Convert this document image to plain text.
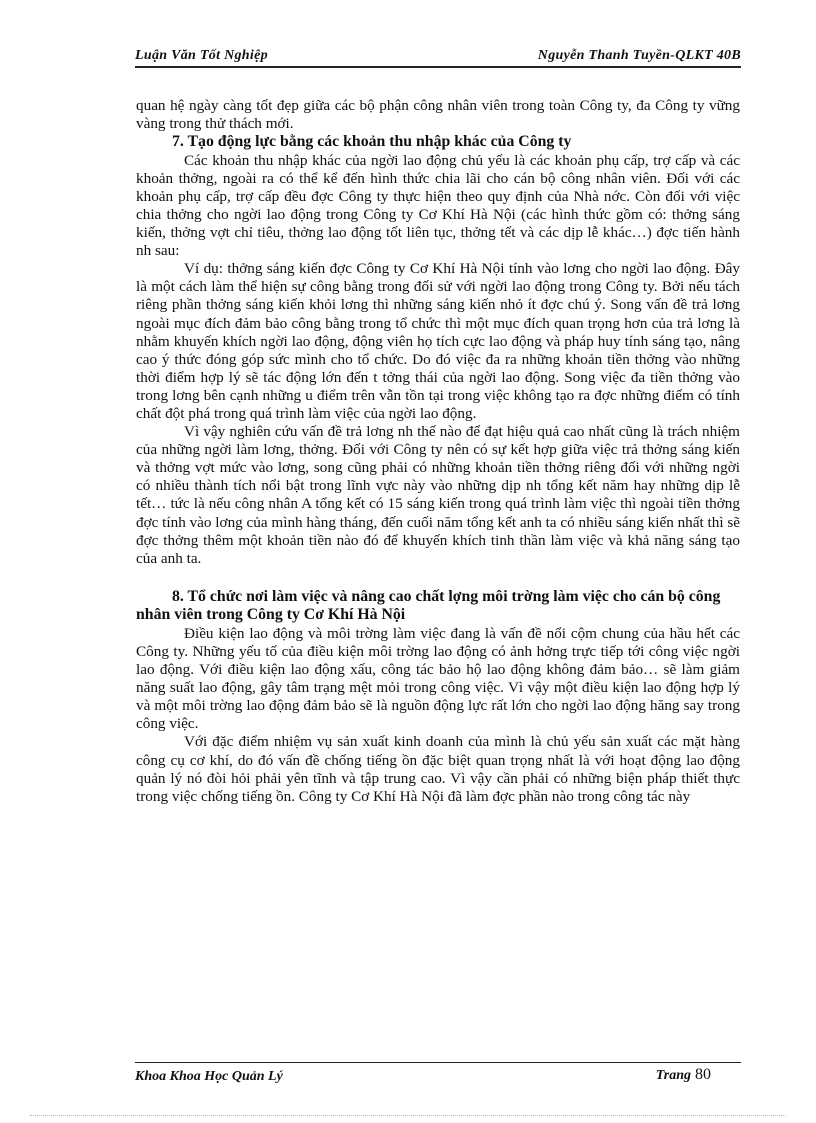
Luận Văn Tốt Nghiệp	Nguyễn Thanh Tuyền-QLKT 40B

quan hệ ngày càng tốt đẹp giữa các bộ phận công nhân viên trong toàn Công ty, đa Công ty vững vàng trong thử thách mới.

7. Tạo động lực bằng các khoản thu nhập khác của Công ty

Các khoản thu nhập khác của ngời lao động chủ yếu là các khoản phụ cấp, trợ cấp và các khoản thởng, ngoài ra có thể kể đến hình thức chia lãi cho cán bộ công nhân viên. Đối với các khoản phụ cấp, trợ cấp đều đợc Công ty thực hiện theo quy định của Nhà nớc. Còn đối với việc chia thởng cho ngời lao động trong Công ty Cơ Khí Hà Nội (các hình thức gồm có: thởng sáng kiến, thởng vợt chỉ tiêu, thởng lao động tốt liên tục, thởng tết và các dịp lễ khác…) đợc tiến hành nh sau:

Ví dụ: thởng sáng kiến đợc Công ty Cơ Khí Hà Nội tính vào lơng cho ngời lao động. Đây là một cách làm thể hiện sự công bằng trong đối sử với ngời lao động trong Công ty. Bởi nếu tách riêng phần thởng sáng kiến khỏi lơng thì những sáng kiến nhỏ ít đợc chú ý. Song vấn đề trả lơng ngoài mục đích đảm bảo công bằng trong tổ chức thì một mục đích quan trọng hơn của trả lơng là nhằm khuyến khích ngời lao động, động viên họ tích cực lao động và pháp huy tính sáng tạo, nâng cao ý thức đóng góp sức mình cho tổ chức. Do đó việc đa ra những khoản tiền thởng vào những thời điểm hợp lý sẽ tác động lớn đến t tởng thái của ngời lao động. Song việc đa tiền thởng vào trong lơng bên cạnh những u điểm trên vẫn tồn tại trong việc không tạo ra đợc những điểm có tính chất đột phá trong quá trình làm việc của ngời lao động.

Vì vậy nghiên cứu vấn đề trả lơng nh thế nào để đạt hiệu quả cao nhất cũng là trách nhiệm của những ngời làm lơng, thởng. Đối với Công ty nên có sự kết hợp giữa việc trả thởng sáng kiến và thởng vợt mức vào lơng, song cũng phải có những khoản tiền thởng riêng đối với những ngời có nhiều thành tích nổi bật trong lĩnh vực này vào những dịp nh tổng kết năm hay những dịp lễ tết… tức là nếu công nhân A tổng kết có 15 sáng kiến trong quá trình làm việc thì ngoài tiền thởng đợc tính vào lơng của mình hàng tháng, đến cuối năm tổng kết anh ta có nhiều sáng kiến nhất thì sẽ đợc thởng thêm một khoản tiền nào đó để khuyến khích tinh thần làm việc và khả năng sáng tạo của anh ta.

8. Tổ chức nơi làm việc và nâng cao chất lợng môi trờng làm việc cho cán bộ công nhân viên trong Công ty Cơ Khí Hà Nội

Điều kiện lao động và môi trờng làm việc đang là vấn đề nổi cộm chung của hầu hết các Công ty. Những yếu tố của điều kiện môi trờng lao động có ảnh hởng trực tiếp tới công việc ngời lao động. Với điều kiện lao động xấu, công tác bảo hộ lao động không đảm bảo… sẽ làm giảm năng suất lao động, gây tâm trạng mệt mỏi trong công việc. Vì vậy một điều kiện lao động hợp lý và một môi trờng lao động đảm bảo sẽ là nguồn động lực rất lớn cho ngời lao động hăng say trong công việc.

Với đặc điểm nhiệm vụ sản xuất kinh doanh của mình là chủ yếu sản xuất các mặt hàng công cụ cơ khí, do đó vấn đề chống tiếng ồn đặc biệt quan trọng nhất là với hoạt động lao động quản lý nó đòi hỏi phải yên tĩnh và tập trung cao. Vì vậy cần phải có những biện pháp thiết thực trong việc chống tiếng ồn. Công ty Cơ Khí Hà Nội đã làm đợc phần nào trong công tác này

Khoa Khoa Học Quản Lý	Trang 80
